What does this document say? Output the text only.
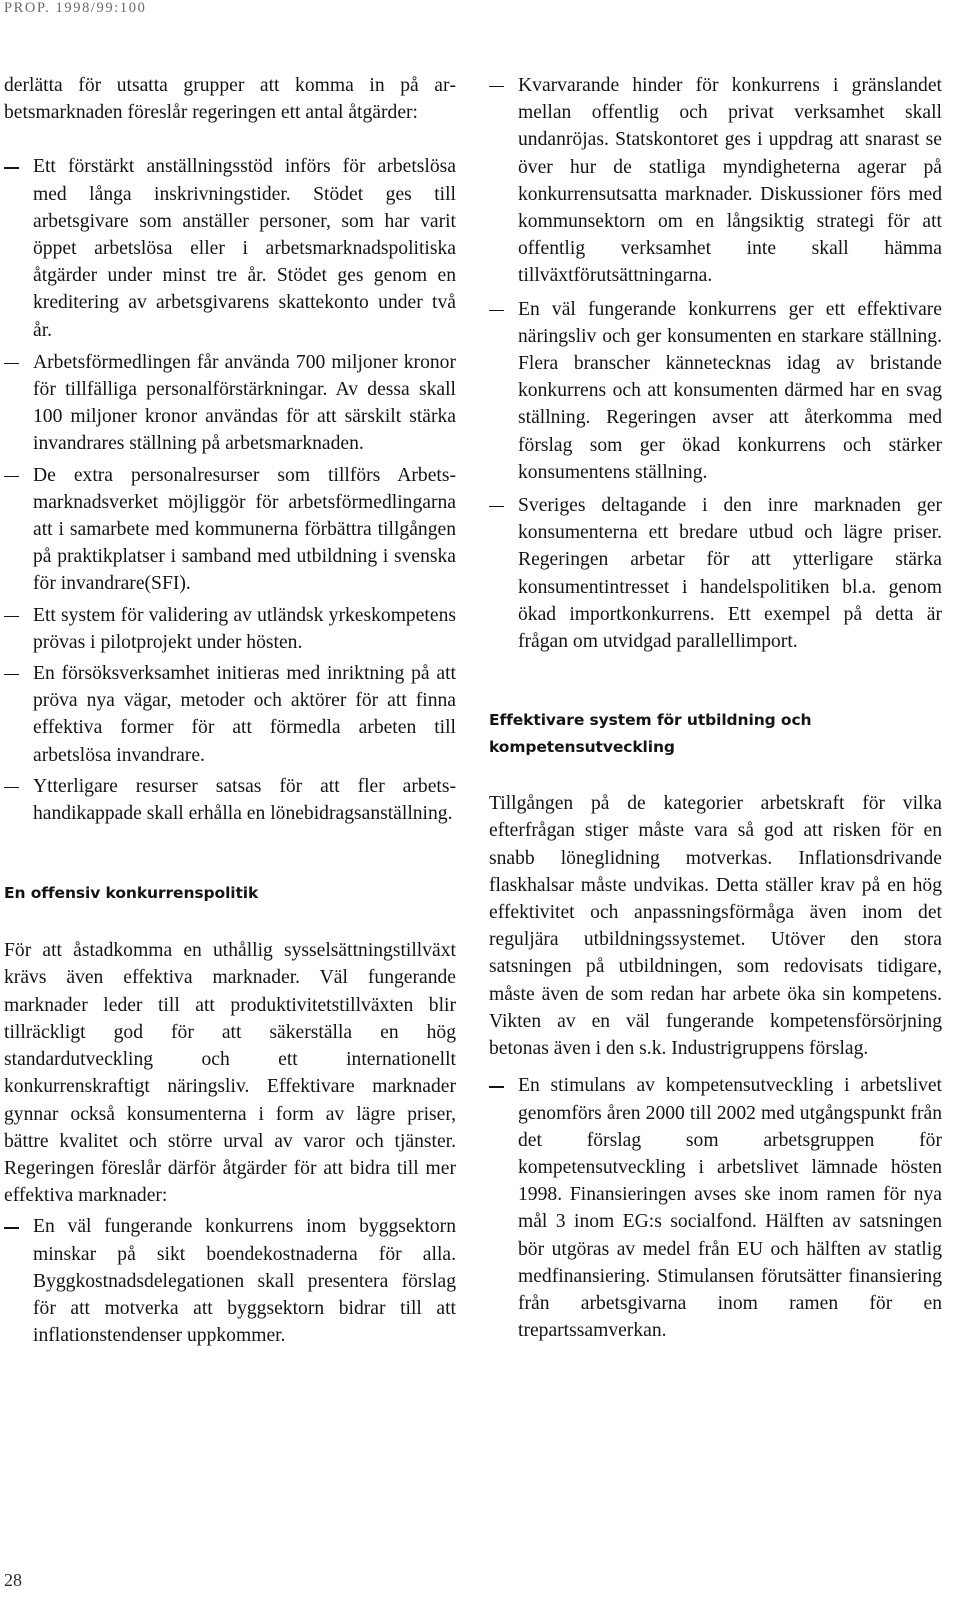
PROP. 1998/99:100

derlätta för utsatta grupper att komma in på arbetsmarknaden föreslår regeringen ett antal åtgärder:

Ett förstärkt anställningsstöd införs för arbetslösa med långa inskrivningstider. Stödet ges till arbetsgivare som anställer personer, som har varit öppet arbetslösa eller i arbetsmarknadspolitiska åtgärder under minst tre år. Stödet ges genom en kreditering av arbetsgivarens skattekonto under två år.
Arbetsförmedlingen får använda 700 miljoner kronor för tillfälliga personalförstärkningar. Av dessa skall 100 miljoner kronor användas för att särskilt stärka invandrares ställning på arbetsmarknaden.
De extra personalresurser som tillförs Arbetsmarknadsverket möjliggör för arbetsförmedlingarna att i samarbete med kommunerna förbättra tillgången på praktikplatser i samband med utbildning i svenska för invandrare(SFI).
Ett system för validering av utländsk yrkeskompetens prövas i pilotprojekt under hösten.
En försöksverksamhet initieras med inriktning på att pröva nya vägar, metoder och aktörer för att finna effektiva former för att förmedla arbeten till arbetslösa invandrare.
Ytterligare resurser satsas för att fler arbetshandikappade skall erhålla en lönebidragsanställning.
En offensiv konkurrenspolitik

För att åstadkomma en uthållig sysselsättningstillväxt krävs även effektiva marknader. Väl fungerande marknader leder till att produktivitetstillväxten blir tillräckligt god för att säkerställa en hög standardutveckling och ett internationellt konkurrenskraftigt näringsliv. Effektivare marknader gynnar också konsumenterna i form av lägre priser, bättre kvalitet och större urval av varor och tjänster. Regeringen föreslår därför åtgärder för att bidra till mer effektiva marknader:

En väl fungerande konkurrens inom byggsektorn minskar på sikt boendekostnaderna för alla. Byggkostnadsdelegationen skall presentera förslag för att motverka att byggsektorn bidrar till att inflationstendenser uppkommer.
Kvarvarande hinder för konkurrens i gränslandet mellan offentlig och privat verksamhet skall undanröjas. Statskontoret ges i uppdrag att snarast se över hur de statliga myndigheterna agerar på konkurrensutsatta marknader. Diskussioner förs med kommunsektorn om en långsiktig strategi för att offentlig verksamhet inte skall hämma tillväxtförutsättningarna.
En väl fungerande konkurrens ger ett effektivare näringsliv och ger konsumenten en starkare ställning. Flera branscher kännetecknas idag av bristande konkurrens och att konsumenten därmed har en svag ställning. Regeringen avser att återkomma med förslag som ger ökad konkurrens och stärker konsumentens ställning.
Sveriges deltagande i den inre marknaden ger konsumenterna ett bredare utbud och lägre priser. Regeringen arbetar för att ytterligare stärka konsumentintresset i handelspolitiken bl.a. genom ökad importkonkurrens. Ett exempel på detta är frågan om utvidgad parallellimport.
Effektivare system för utbildning och kompetensutveckling

Tillgången på de kategorier arbetskraft för vilka efterfrågan stiger måste vara så god att risken för en snabb löneglidning motverkas. Inflationsdrivande flaskhalsar måste undvikas. Detta ställer krav på en hög effektivitet och anpassningsförmåga även inom det reguljära utbildningssystemet. Utöver den stora satsningen på utbildningen, som redovisats tidigare, måste även de som redan har arbete öka sin kompetens. Vikten av en väl fungerande kompetensförsörjning betonas även i den s.k. Industrigruppens förslag.

En stimulans av kompetensutveckling i arbetslivet genomförs åren 2000 till 2002 med utgångspunkt från det förslag som arbetsgruppen för kompetensutveckling i arbetslivet lämnade hösten 1998. Finansieringen avses ske inom ramen för nya mål 3 inom EG:s socialfond. Hälften av satsningen bör utgöras av medel från EU och hälften av statlig medfinansiering. Stimulansen förutsätter finansiering från arbetsgivarna inom ramen för en trepartssamverkan.
28
